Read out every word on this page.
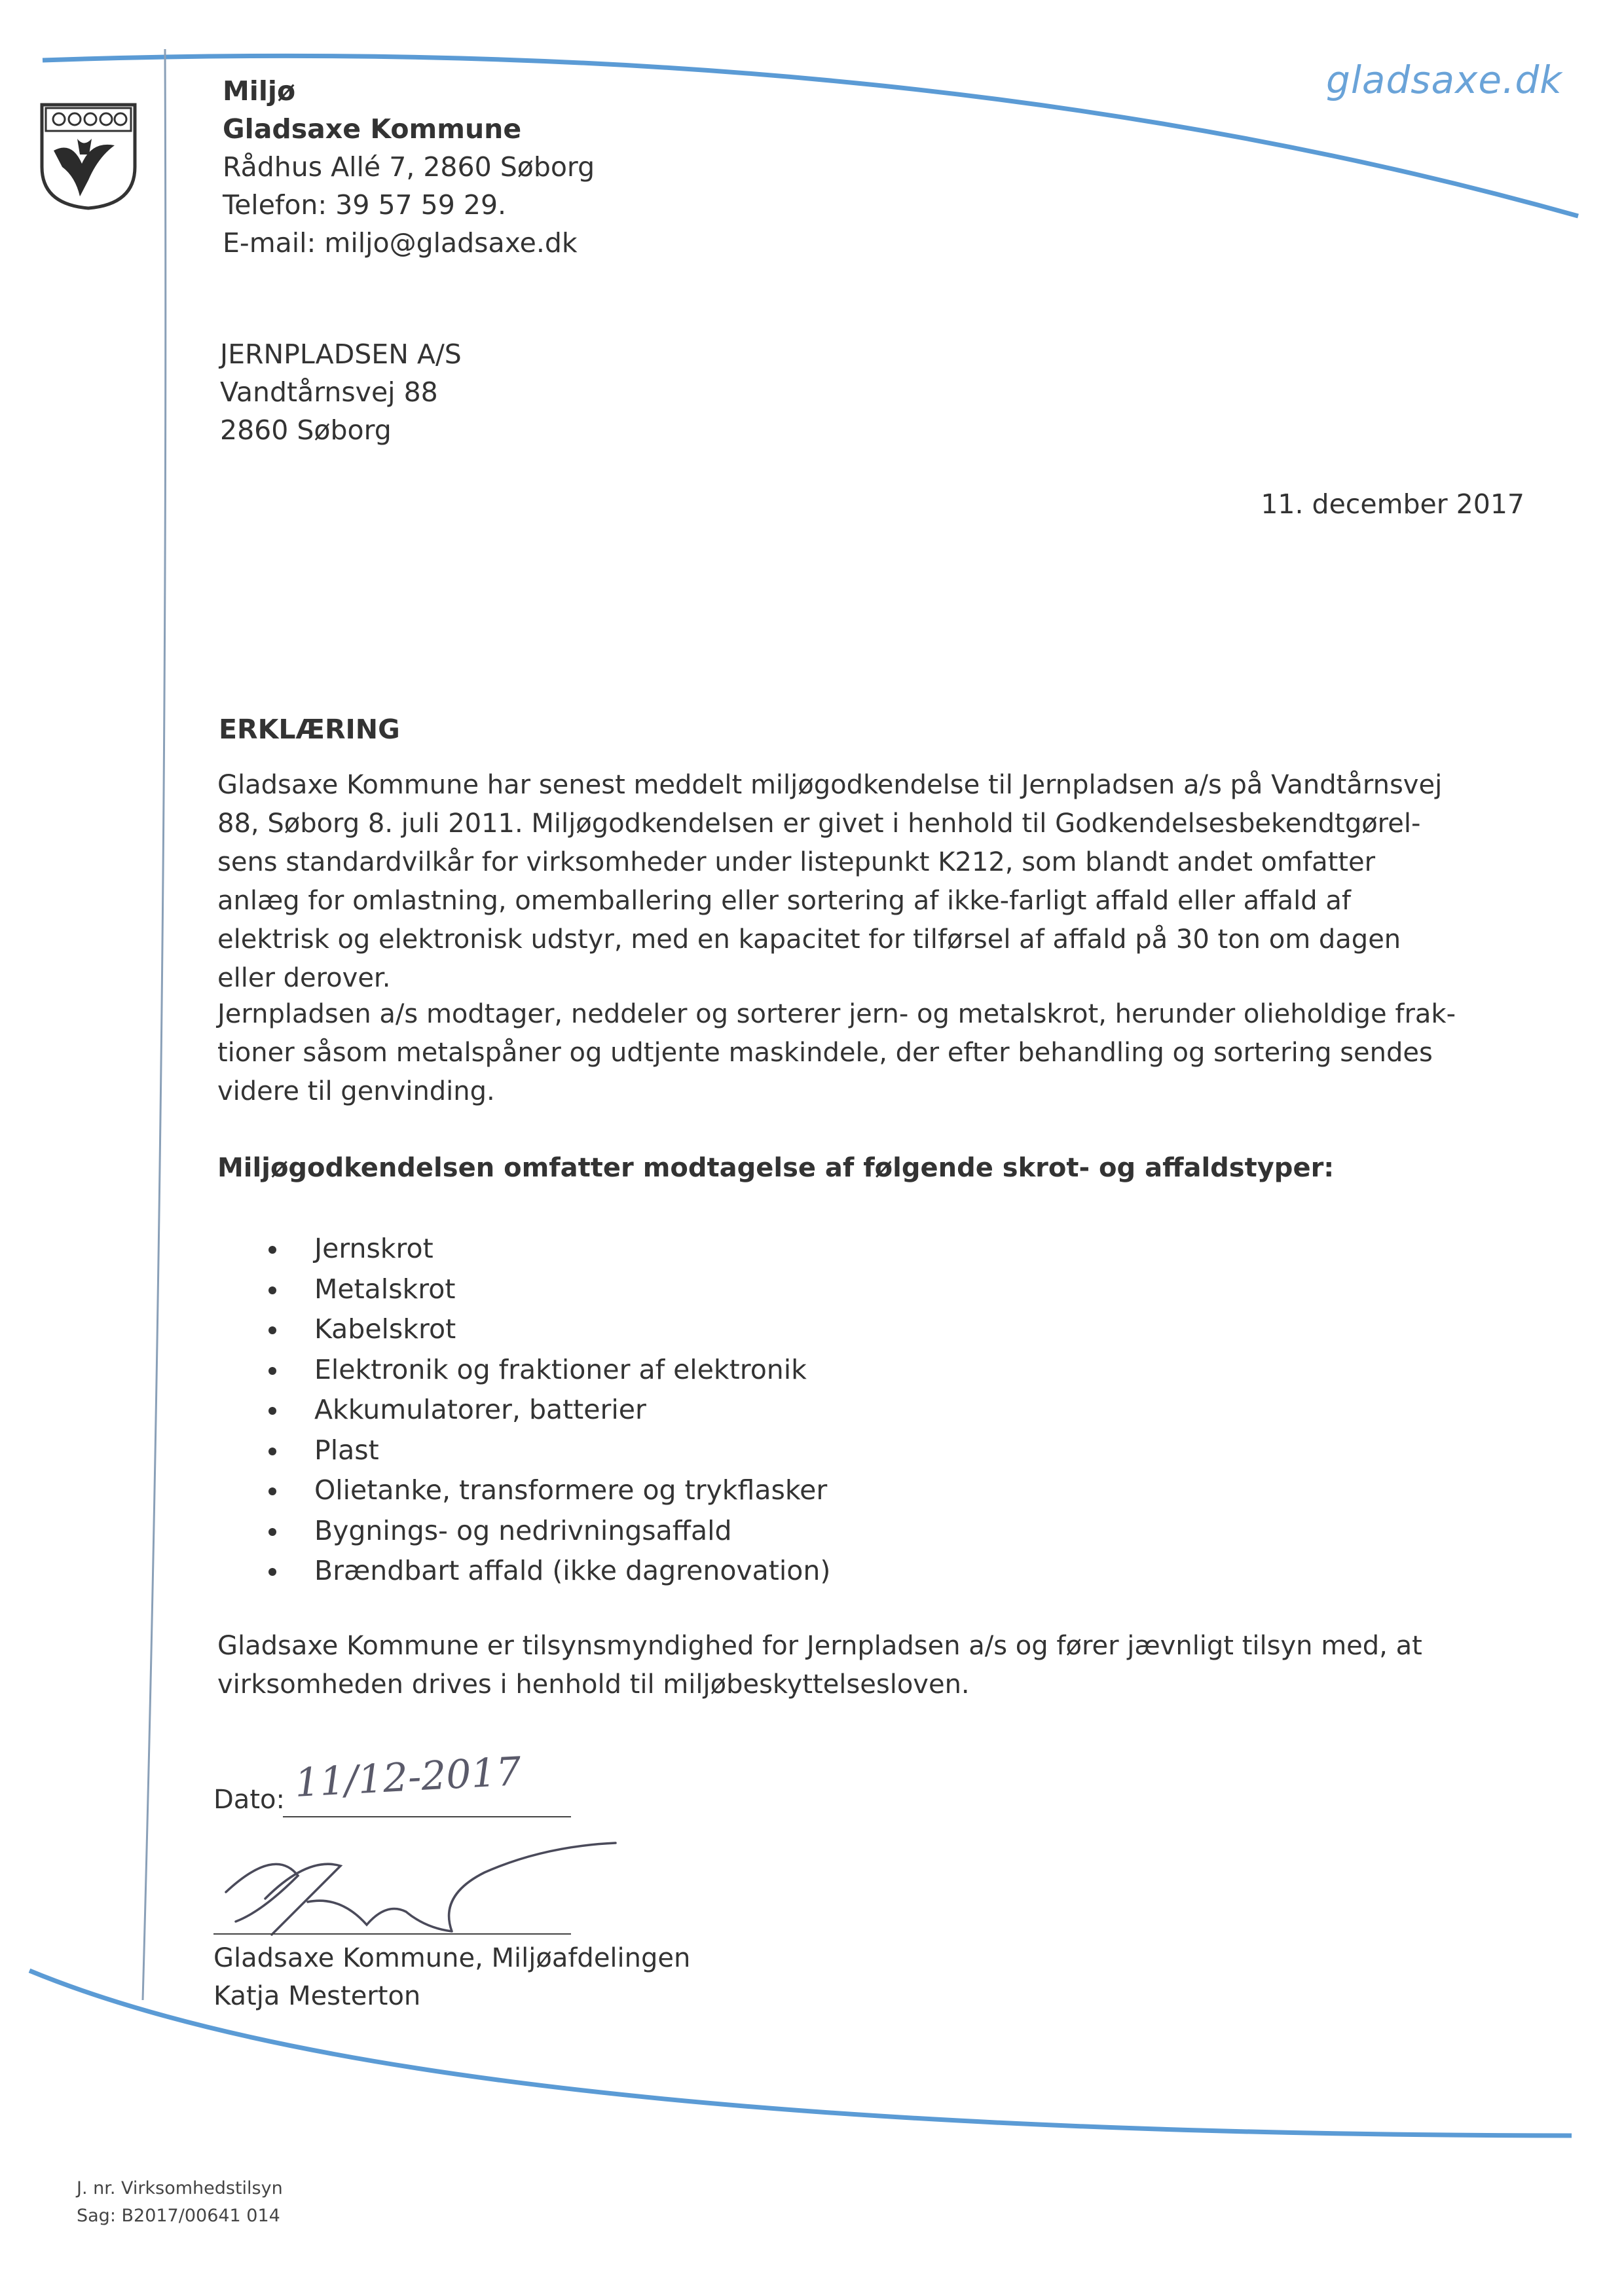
Miljø
Gladsaxe Kommune
Rådhus Allé 7, 2860 Søborg
Telefon: 39 57 59 29.
E-mail: miljo@gladsaxe.dk
gladsaxe.dk
JERNPLADSEN A/S
Vandtårnsvej 88
2860 Søborg
11. december 2017
ERKLÆRING

Gladsaxe Kommune har senest meddelt miljøgodkendelse til Jernpladsen a/s på Vandtårnsvej 88, Søborg 8. juli 2011. Miljøgodkendelsen er givet i henhold til Godkendelsesbekendtgørel-sens standardvilkår for virksomheder under listepunkt K212, som blandt andet omfatter anlæg for omlastning, omemballering eller sortering af ikke-farligt affald eller affald af elektrisk og elektronisk udstyr, med en kapacitet for tilførsel af affald på 30 ton om dagen eller derover.

Jernpladsen a/s modtager, neddeler og sorterer jern- og metalskrot, herunder olieholdige frak-tioner såsom metalspåner og udtjente maskindele, der efter behandling og sortering sendes videre til genvinding.

Miljøgodkendelsen omfatter modtagelse af følgende skrot- og affaldstyper:

Jernskrot
Metalskrot
Kabelskrot
Elektronik og fraktioner af elektronik
Akkumulatorer, batterier
Plast
Olietanke, transformere og trykflasker
Bygnings- og nedrivningsaffald
Brændbart affald (ikke dagrenovation)

Gladsaxe Kommune er tilsynsmyndighed for Jernpladsen a/s og fører jævnligt tilsyn med, at virksomheden drives i henhold til miljøbeskyttelsesloven.

Dato: 11/12-2017
Gladsaxe Kommune, Miljøafdelingen
Katja Mesterton
J. nr. Virksomhedstilsyn
Sag: B2017/00641 014
